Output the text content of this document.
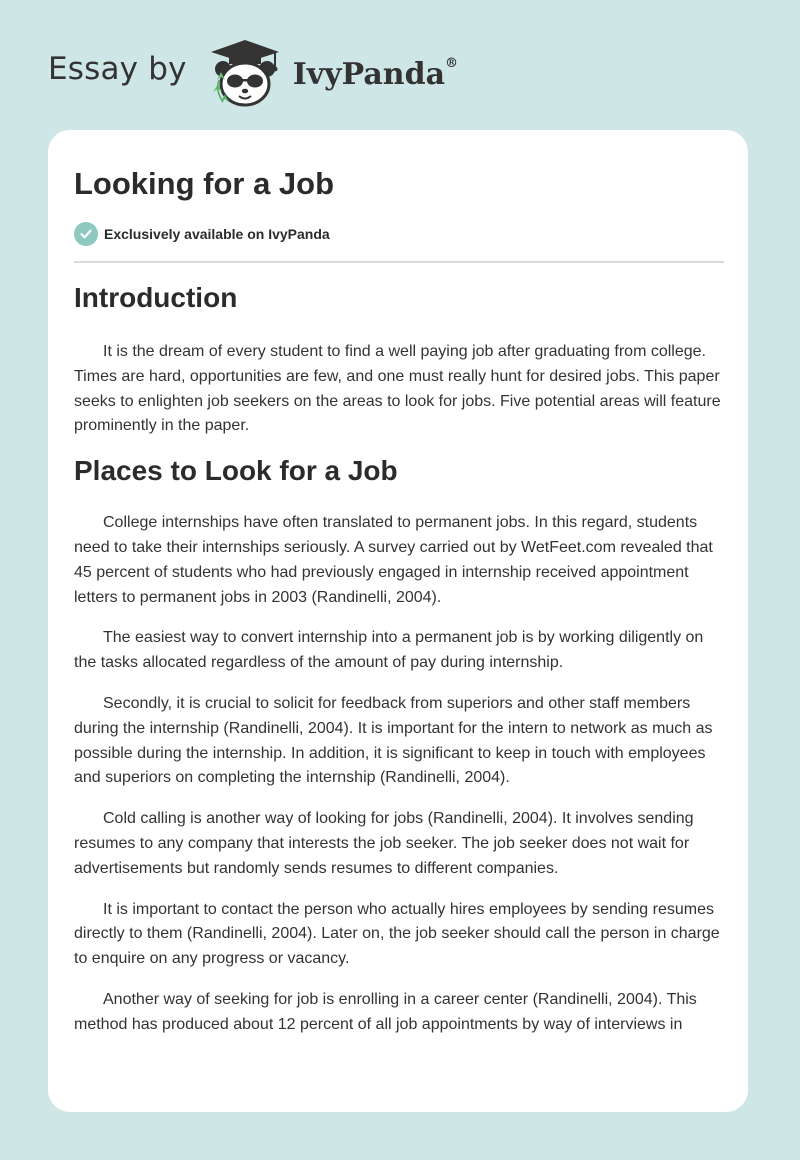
Essay by	IvyPanda®
Looking for a Job
Exclusively available on IvyPanda
Introduction

It is the dream of every student to find a well paying job after graduating from college. Times are hard, opportunities are few, and one must really hunt for desired jobs. This paper seeks to enlighten job seekers on the areas to look for jobs. Five potential areas will feature prominently in the paper.

Places to Look for a Job

College internships have often translated to permanent jobs. In this regard, students need to take their internships seriously. A survey carried out by WetFeet.com revealed that 45 percent of students who had previously engaged in internship received appointment letters to permanent jobs in 2003 (Randinelli, 2004).

The easiest way to convert internship into a permanent job is by working diligently on the tasks allocated regardless of the amount of pay during internship.

Secondly, it is crucial to solicit for feedback from superiors and other staff members during the internship (Randinelli, 2004). It is important for the intern to network as much as possible during the internship. In addition, it is significant to keep in touch with employees and superiors on completing the internship (Randinelli, 2004).

Cold calling is another way of looking for jobs (Randinelli, 2004). It involves sending resumes to any company that interests the job seeker. The job seeker does not wait for advertisements but randomly sends resumes to different companies.

It is important to contact the person who actually hires employees by sending resumes directly to them (Randinelli, 2004). Later on, the job seeker should call the person in charge to enquire on any progress or vacancy.

Another way of seeking for job is enrolling in a career center (Randinelli, 2004). This method has produced about 12 percent of all job appointments by way of interviews in
